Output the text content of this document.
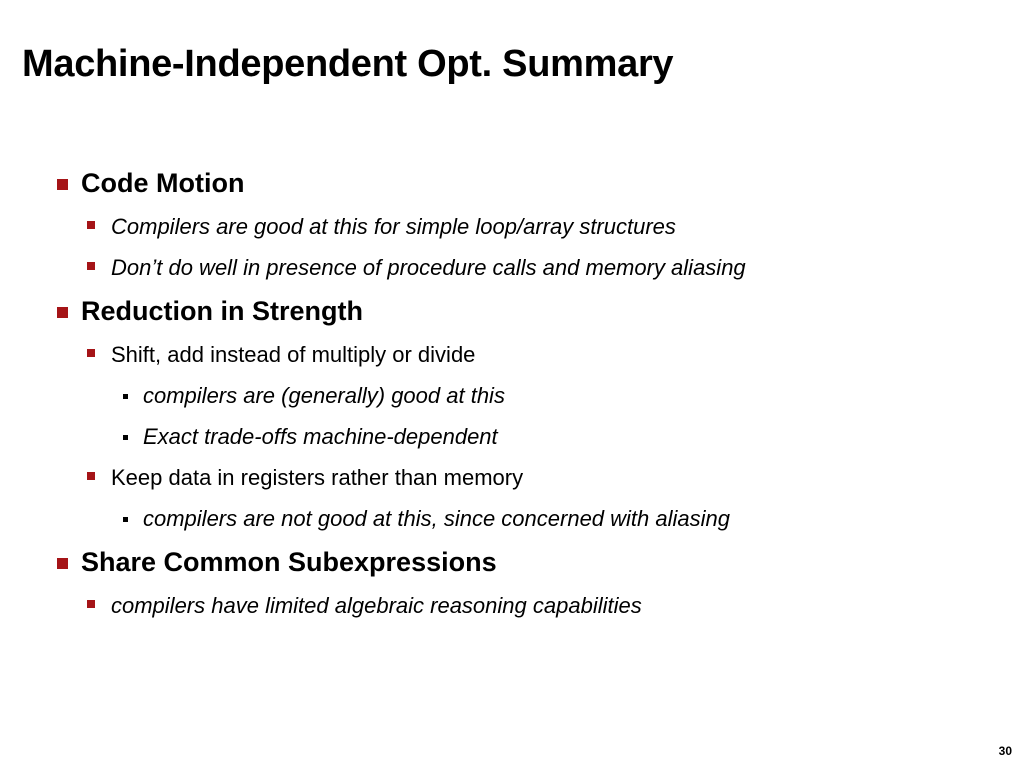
Machine-Independent Opt. Summary
Code Motion
Compilers are good at this for simple loop/array structures
Don’t do well in presence of procedure calls and memory aliasing
Reduction in Strength
Shift, add instead of multiply or divide
compilers are (generally) good at this
Exact trade-offs machine-dependent
Keep data in registers rather than memory
compilers are not good at this, since concerned with aliasing
Share Common Subexpressions
compilers have limited algebraic reasoning capabilities
30
